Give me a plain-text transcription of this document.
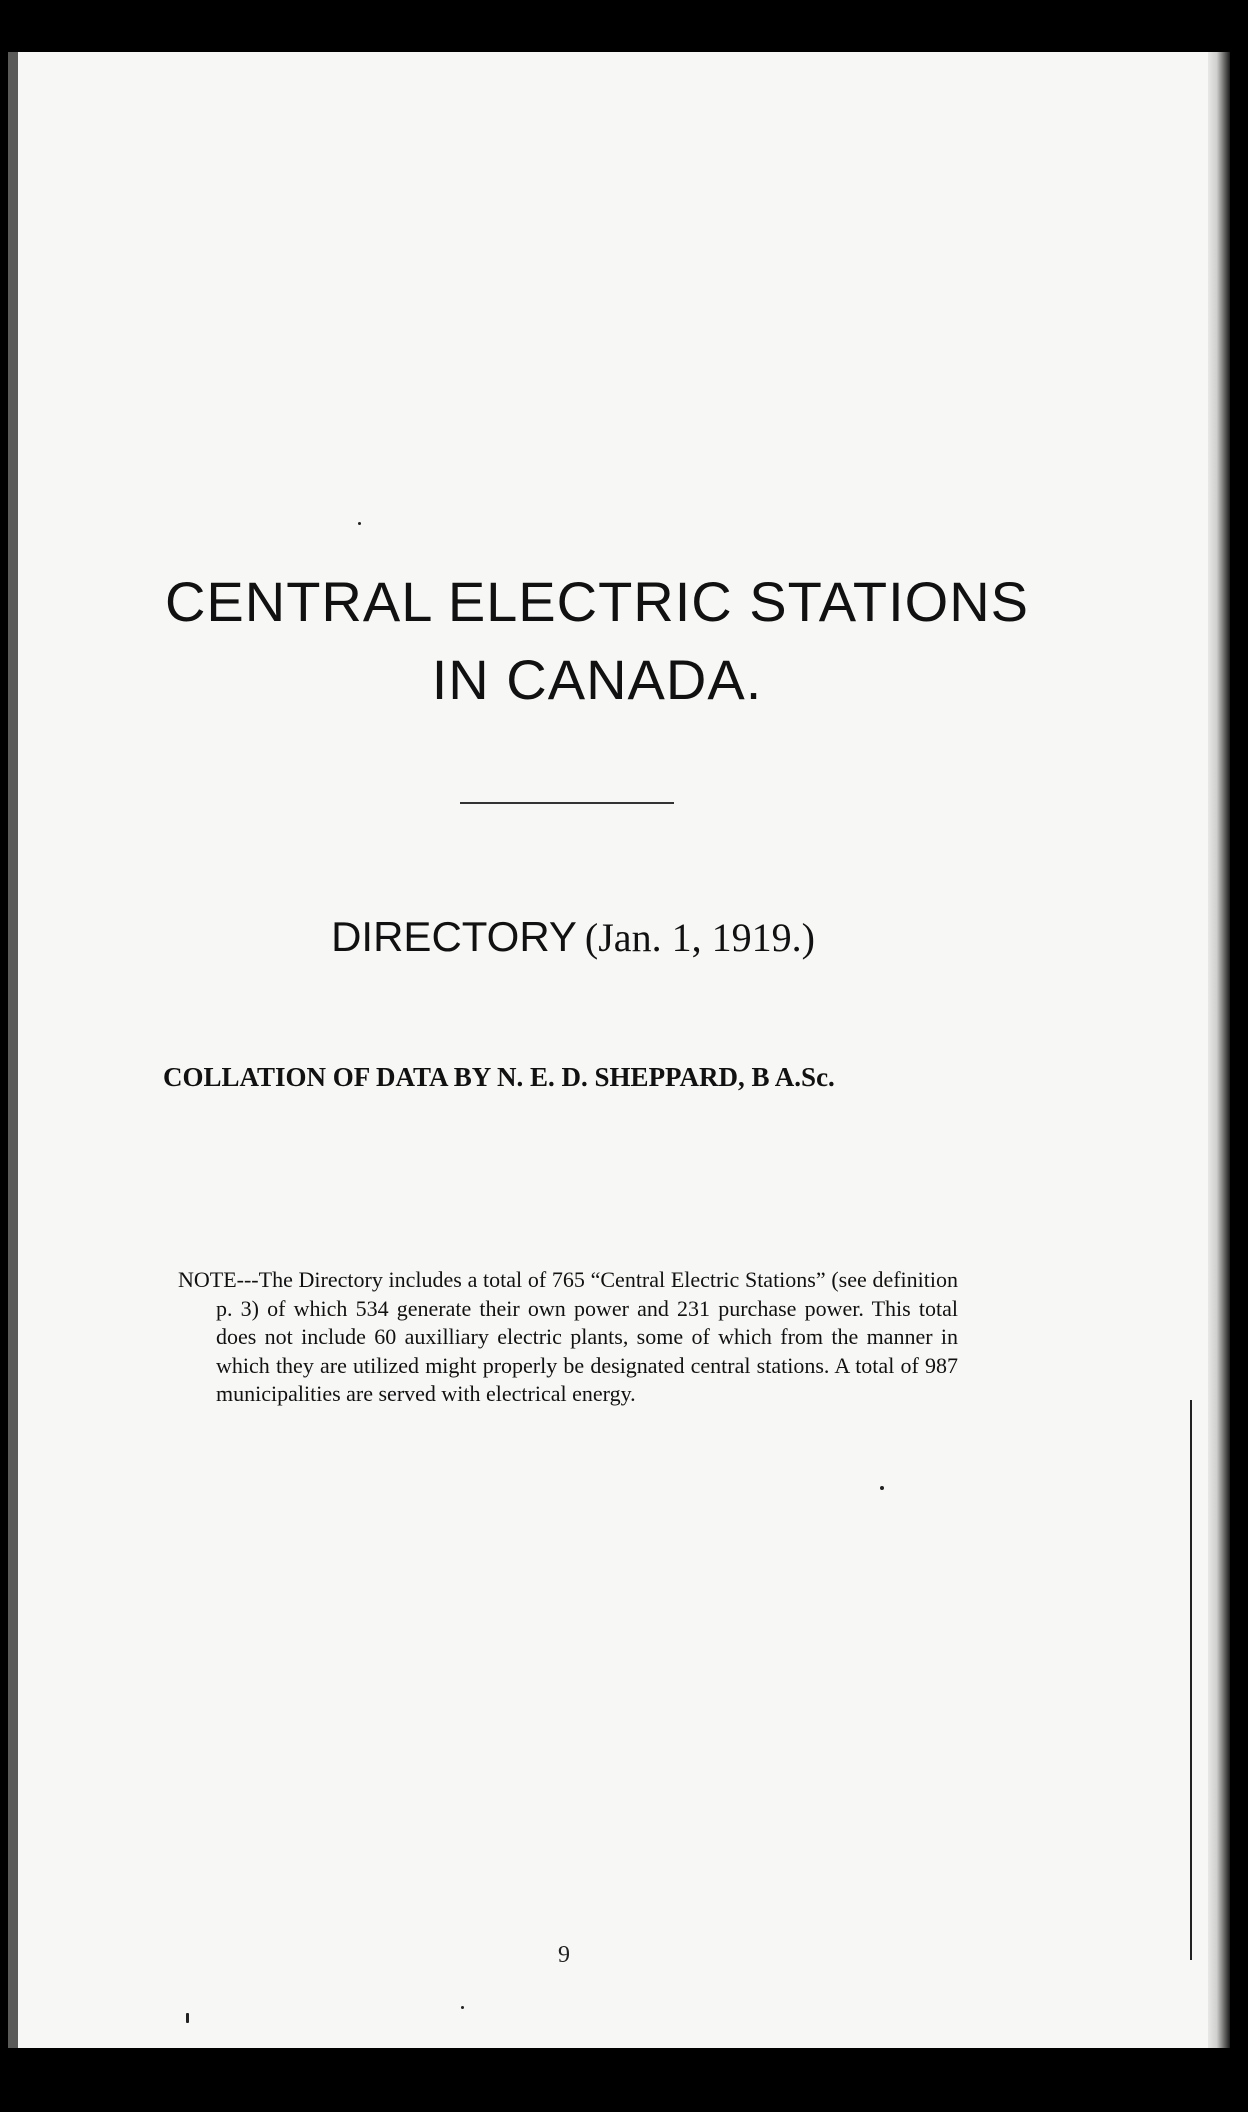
CENTRAL ELECTRIC STATIONS
IN CANADA.
DIRECTORY (Jan. 1, 1919.)
COLLATION OF DATA BY N. E. D. SHEPPARD, B A.Sc.

NOTE---The Directory includes a total of 765 “Central Electric Stations” (see definition p. 3) of which 534 generate their own power and 231 purchase power. This total does not include 60 auxilliary electric plants, some of which from the manner in which they are utilized might properly be designated central stations. A total of 987 municipalities are served with electrical energy.

9
